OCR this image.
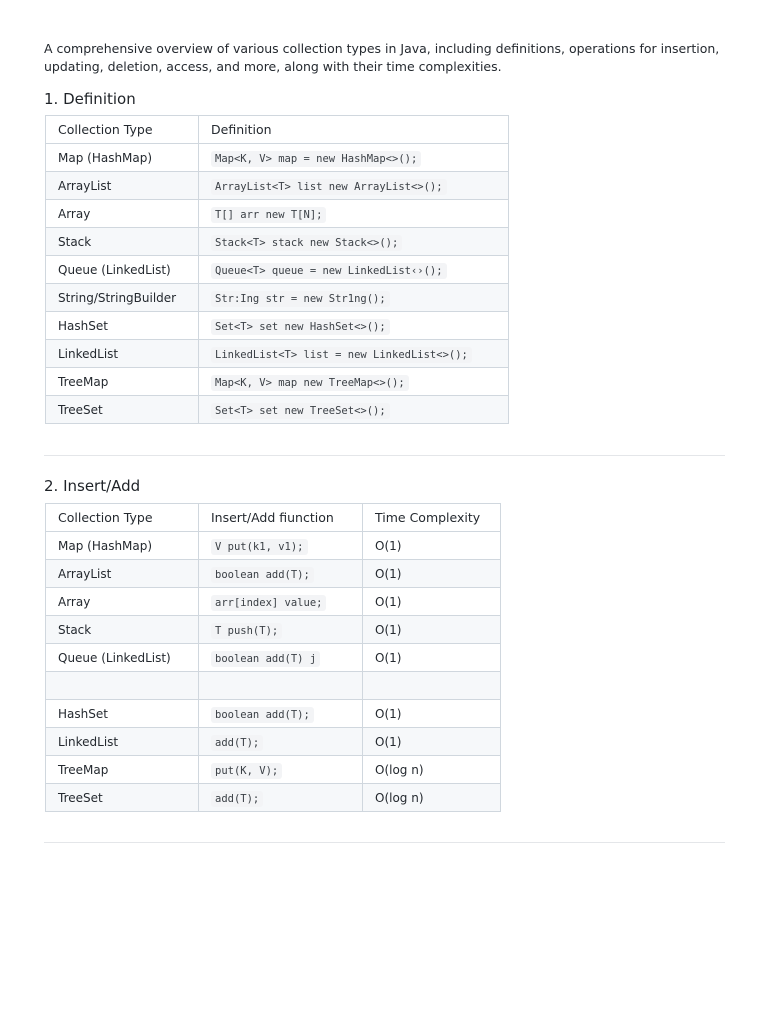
A comprehensive overview of various collection types in Java, including definitions, operations for insertion, updating, deletion, access, and more, along with their time complexities.

1. Definition
Collection Type	Definition
Map (HashMap)	Map<K, V> map = new HashMap<>();
ArrayList	ArrayList<T> list new ArrayList<>();
Array	T[] arr new T[N];
Stack	Stack<T> stack new Stack<>();
Queue (LinkedList)	Queue<T> queue = new LinkedList‹›();
String/StringBuilder	Str:Ing str = new Str1ng();
HashSet	Set<T> set new HashSet<>();
LinkedList	LinkedList<T> list = new LinkedList<>();
TreeMap	Map<K, V> map new TreeMap<>();
TreeSet	Set<T> set new TreeSet<>();
2. Insert/Add
Collection Type	Insert/Add fiunction	Time Complexity
Map (HashMap)	V put(k1, v1);	O(1)
ArrayList	boolean add(T);	O(1)
Array	arr[index] value;	O(1)
Stack	T push(T);	O(1)
Queue (LinkedList)	boolean add(T) j	O(1)

HashSet	boolean add(T);	O(1)
LinkedList	add(T);	O(1)
TreeMap	put(K, V);	O(log n)
TreeSet	add(T);	O(log n)
